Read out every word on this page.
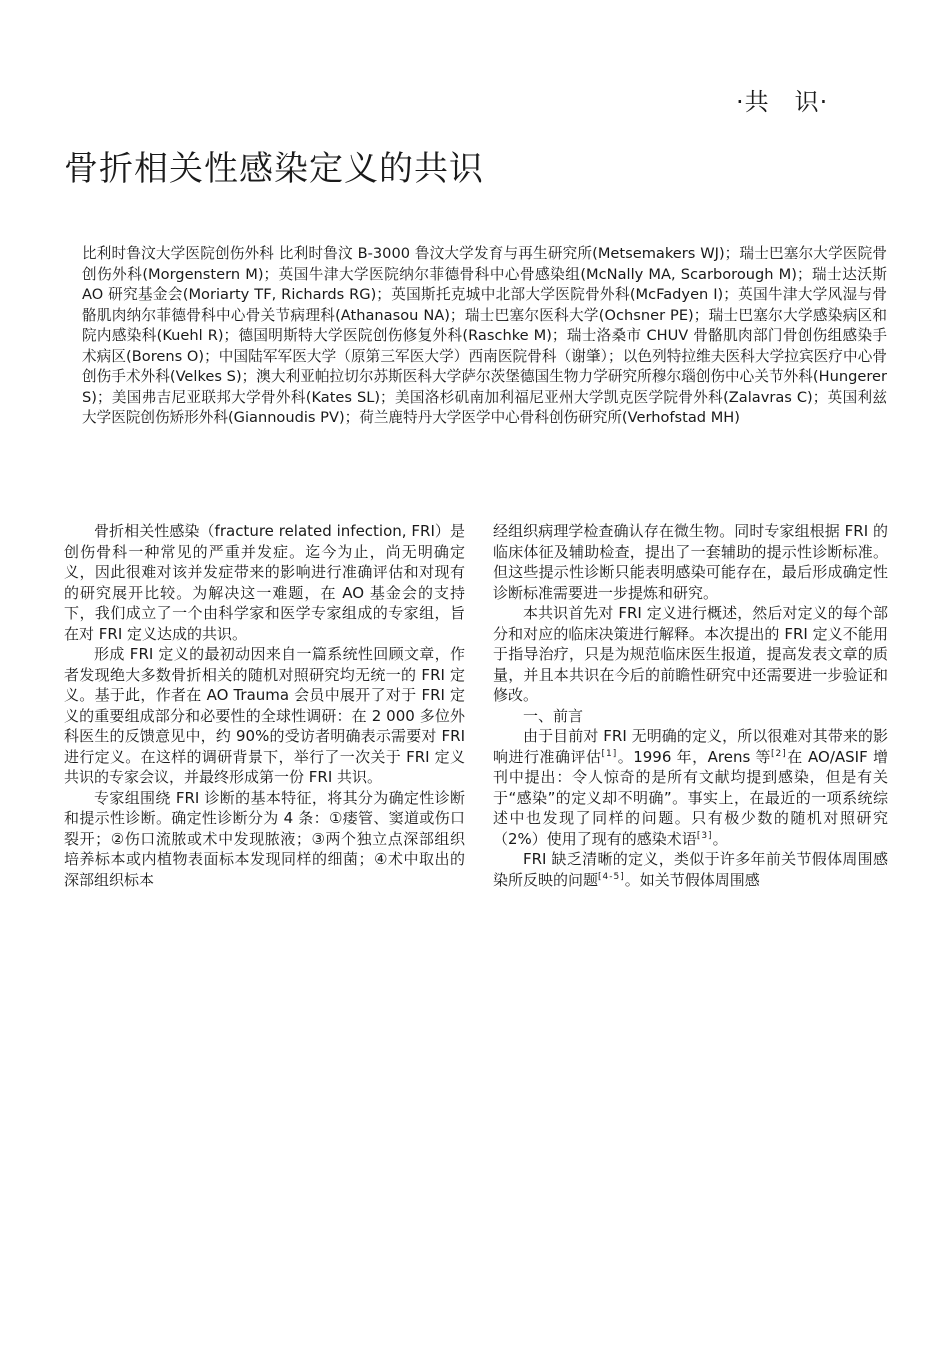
·共　识·
骨折相关性感染定义的共识

比利时鲁汶大学医院创伤外科 比利时鲁汶 B-3000 鲁汶大学发育与再生研究所(Metsemakers WJ)；瑞士巴塞尔大学医院骨创伤外科(Morgenstern M)；英国牛津大学医院纳尔菲德骨科中心骨感染组(McNally MA, Scarborough M)；瑞士达沃斯 AO 研究基金会(Moriarty TF, Richards RG)；英国斯托克城中北部大学医院骨外科(McFadyen I)；英国牛津大学风湿与骨骼肌肉纳尔菲德骨科中心骨关节病理科(Athanasou NA)；瑞士巴塞尔医科大学(Ochsner PE)；瑞士巴塞尔大学感染病区和院内感染科(Kuehl R)；德国明斯特大学医院创伤修复外科(Raschke M)；瑞士洛桑市 CHUV 骨骼肌肉部门骨创伤组感染手术病区(Borens O)；中国陆军军医大学（原第三军医大学）西南医院骨科（谢肇）；以色列特拉维夫医科大学拉宾医疗中心骨创伤手术外科(Velkes S)；澳大利亚帕拉切尔苏斯医科大学萨尔茨堡德国生物力学研究所穆尔瑙创伤中心关节外科(Hungerer S)；美国弗吉尼亚联邦大学骨外科(Kates SL)；美国洛杉矶南加利福尼亚州大学凯克医学院骨外科(Zalavras C)；英国利兹大学医院创伤矫形外科(Giannoudis PV)；荷兰鹿特丹大学医学中心骨科创伤研究所(Verhofstad MH)

骨折相关性感染（fracture related infection, FRI）是创伤骨科一种常见的严重并发症。迄今为止，尚无明确定义，因此很难对该并发症带来的影响进行准确评估和对现有的研究展开比较。为解决这一难题，在 AO 基金会的支持下，我们成立了一个由科学家和医学专家组成的专家组，旨在对 FRI 定义达成的共识。

形成 FRI 定义的最初动因来自一篇系统性回顾文章，作者发现绝大多数骨折相关的随机对照研究均无统一的 FRI 定义。基于此，作者在 AO Trauma 会员中展开了对于 FRI 定义的重要组成部分和必要性的全球性调研：在 2 000 多位外科医生的反馈意见中，约 90%的受访者明确表示需要对 FRI 进行定义。在这样的调研背景下，举行了一次关于 FRI 定义共识的专家会议，并最终形成第一份 FRI 共识。

专家组围绕 FRI 诊断的基本特征，将其分为确定性诊断和提示性诊断。确定性诊断分为 4 条：①瘘管、窦道或伤口裂开；②伤口流脓或术中发现脓液；③两个独立点深部组织培养标本或内植物表面标本发现同样的细菌；④术中取出的深部组织标本

经组织病理学检查确认存在微生物。同时专家组根据 FRI 的临床体征及辅助检查，提出了一套辅助的提示性诊断标准。但这些提示性诊断只能表明感染可能存在，最后形成确定性诊断标准需要进一步提炼和研究。

本共识首先对 FRI 定义进行概述，然后对定义的每个部分和对应的临床决策进行解释。本次提出的 FRI 定义不能用于指导治疗，只是为规范临床医生报道，提高发表文章的质量，并且本共识在今后的前瞻性研究中还需要进一步验证和修改。

一、前言

由于目前对 FRI 无明确的定义，所以很难对其带来的影响进行准确评估[1]。1996 年，Arens 等[2]在 AO/ASIF 增刊中提出：令人惊奇的是所有文献均提到感染，但是有关于“感染”的定义却不明确”。事实上，在最近的一项系统综述中也发现了同样的问题。只有极少数的随机对照研究（2%）使用了现有的感染术语[3]。

FRI 缺乏清晰的定义，类似于许多年前关节假体周围感染所反映的问题[4-5]。如关节假体周围感
